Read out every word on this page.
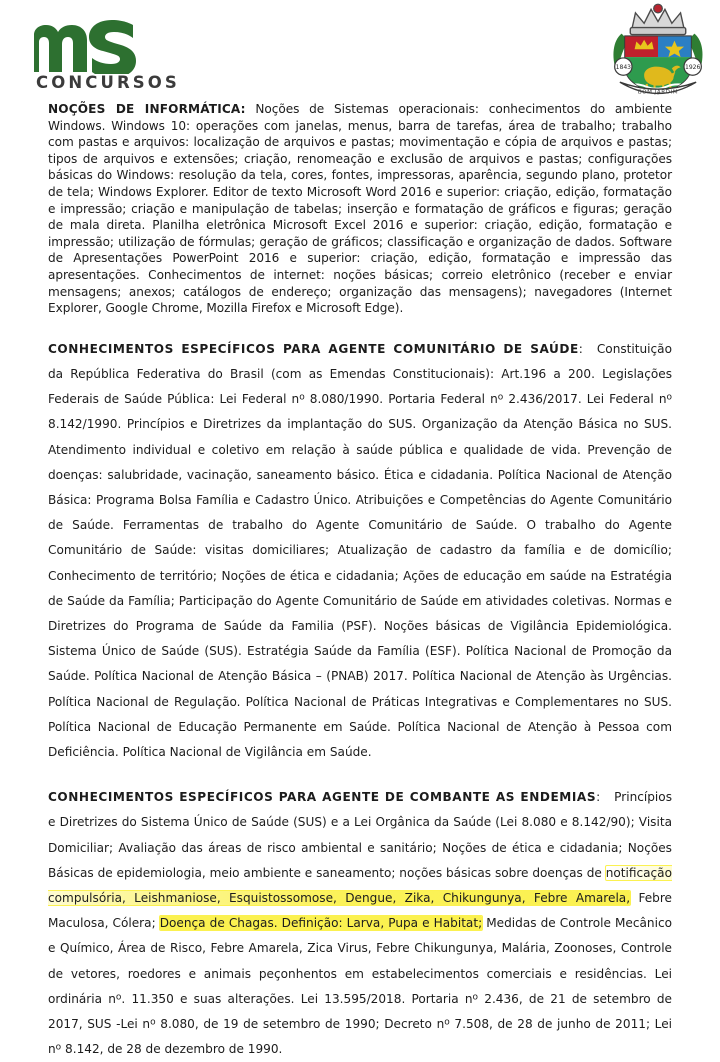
CONCURSOS
1843	1926
BOM JARDIM

NOÇÕES DE INFORMÁTICA: Noções de Sistemas operacionais: conhecimentos do ambiente Windows. Windows 10: operações com janelas, menus, barra de tarefas, área de trabalho; trabalho com pastas e arquivos: localização de arquivos e pastas; movimentação e cópia de arquivos e pastas; tipos de arquivos e extensões; criação, renomeação e exclusão de arquivos e pastas; configurações básicas do Windows: resolução da tela, cores, fontes, impressoras, aparência, segundo plano, protetor de tela; Windows Explorer. Editor de texto Microsoft Word 2016 e superior: criação, edição, formatação e impressão; criação e manipulação de tabelas; inserção e formatação de gráficos e figuras; geração de mala direta. Planilha eletrônica Microsoft Excel 2016 e superior: criação, edição, formatação e impressão; utilização de fórmulas; geração de gráficos; classificação e organização de dados. Software de Apresentações PowerPoint 2016 e superior: criação, edição, formatação e impressão das apresentações. Conhecimentos de internet: noções básicas; correio eletrônico (receber e enviar mensagens; anexos; catálogos de endereço; organização das mensagens); navegadores (Internet Explorer, Google Chrome, Mozilla Firefox e Microsoft Edge).

CONHECIMENTOS ESPECÍFICOS PARA AGENTE COMUNITÁRIO DE SAÚDE: Constituição da República Federativa do Brasil (com as Emendas Constitucionais): Art.196 a 200. Legislações Federais de Saúde Pública: Lei Federal $n^o$ 8.080/1990. Portaria Federal $n^o$ 2.436/2017. Lei Federal $n^o$ 8.142/1990. Princípios e Diretrizes da implantação do SUS. Organização da Atenção Básica no SUS. Atendimento individual e coletivo em relação à saúde pública e qualidade de vida. Prevenção de doenças: salubridade, vacinação, saneamento básico. Ética e cidadania. Política Nacional de Atenção Básica: Programa Bolsa Família e Cadastro Único. Atribuições e Competências do Agente Comunitário de Saúde. Ferramentas de trabalho do Agente Comunitário de Saúde. O trabalho do Agente Comunitário de Saúde: visitas domiciliares; Atualização de cadastro da família e de domicílio; Conhecimento de território; Noções de ética e cidadania; Ações de educação em saúde na Estratégia de Saúde da Família; Participação do Agente Comunitário de Saúde em atividades coletivas. Normas e Diretrizes do Programa de Saúde da Familia (PSF). Noções básicas de Vigilância Epidemiológica. Sistema Único de Saúde (SUS). Estratégia Saúde da Família (ESF). Política Nacional de Promoção da Saúde. Política Nacional de Atenção Básica – (PNAB) 2017. Política Nacional de Atenção às Urgências. Política Nacional de Regulação. Política Nacional de Práticas Integrativas e Complementares no SUS. Política Nacional de Educação Permanente em Saúde. Política Nacional de Atenção à Pessoa com Deficiência. Política Nacional de Vigilância em Saúde.

CONHECIMENTOS ESPECÍFICOS PARA AGENTE DE COMBANTE AS ENDEMIAS: Princípios e Diretrizes do Sistema Único de Saúde (SUS) e a Lei Orgânica da Saúde (Lei 8.080 e 8.142/90); Visita Domiciliar; Avaliação das áreas de risco ambiental e sanitário; Noções de ética e cidadania; Noções Básicas de epidemiologia, meio ambiente e saneamento; noções básicas sobre doenças de notificação compulsória, Leishmaniose, Esquistossomose, Dengue, Zika, Chikungunya, Febre Amarela, Febre Maculosa, Cólera; Doença de Chagas. Definição: Larva, Pupa e Habitat; Medidas de Controle Mecânico e Químico, Área de Risco, Febre Amarela, Zica Virus, Febre Chikungunya, Malária, Zoonoses, Controle de vetores, roedores e animais peçonhentos em estabelecimentos comerciais e residências. Lei ordinária $n^o$. 11.350 e suas alterações. Lei 13.595/2018. Portaria $n^o$ 2.436, de 21 de setembro de 2017, SUS -Lei $n^o$ 8.080, de 19 de setembro de 1990; Decreto $n^o$ 7.508, de 28 de junho de 2011; Lei $n^o$ 8.142, de 28 de dezembro de 1990.
